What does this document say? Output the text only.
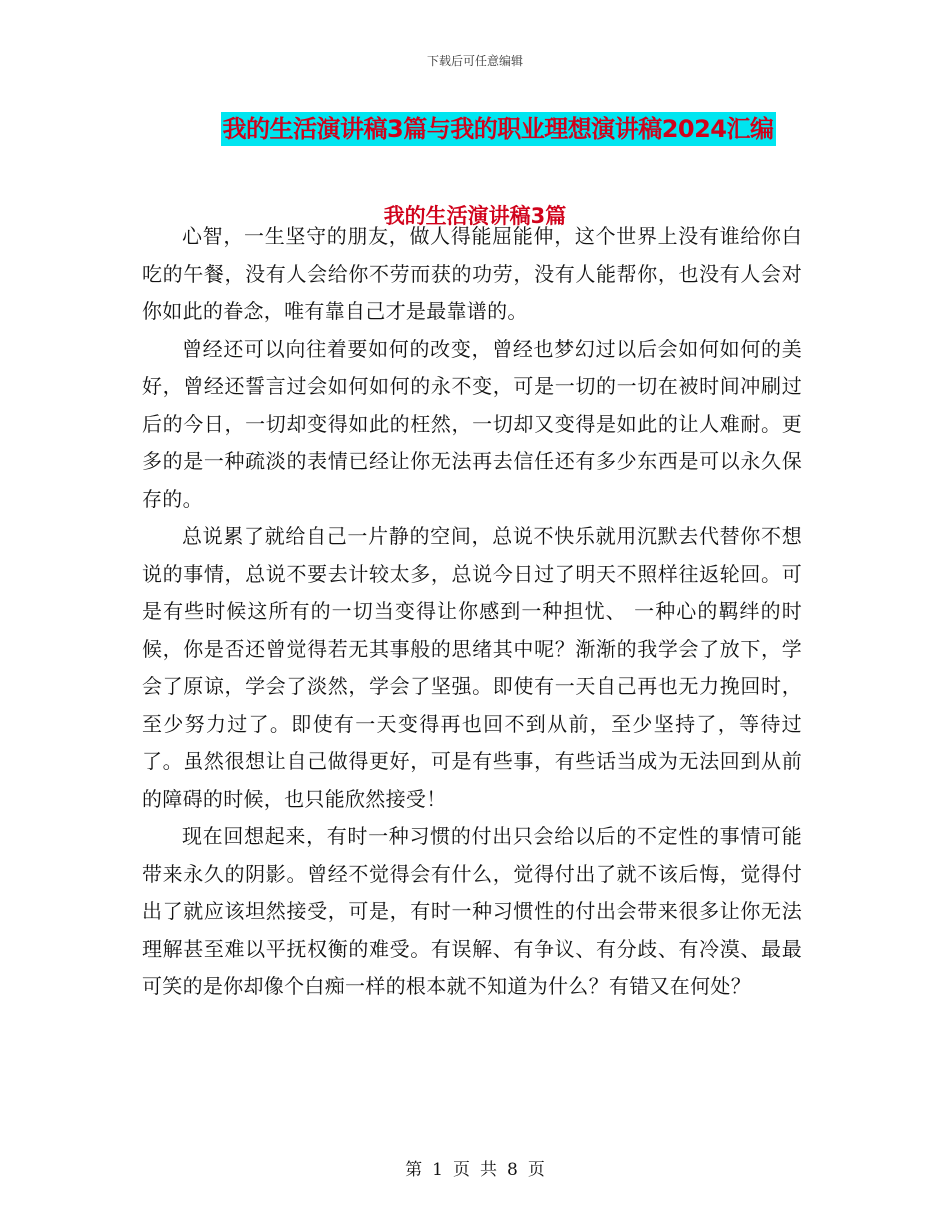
下载后可任意编辑
我的生活演讲稿3篇与我的职业理想演讲稿2024汇编
我的生活演讲稿3篇

心智，一生坚守的朋友，做人得能屈能伸，这个世界上没有谁给你白吃的午餐，没有人会给你不劳而获的功劳，没有人能帮你，也没有人会对你如此的眷念，唯有靠自己才是最靠谱的。

曾经还可以向往着要如何的改变，曾经也梦幻过以后会如何如何的美好，曾经还誓言过会如何如何的永不变，可是一切的一切在被时间冲刷过后的今日，一切却变得如此的枉然，一切却又变得是如此的让人难耐。更多的是一种疏淡的表情已经让你无法再去信任还有多少东西是可以永久保存的。

总说累了就给自己一片静的空间，总说不快乐就用沉默去代替你不想说的事情，总说不要去计较太多，总说今日过了明天不照样往返轮回。可是有些时候这所有的一切当变得让你感到一种担忧、 一种心的羁绊的时候，你是否还曾觉得若无其事般的思绪其中呢？渐渐的我学会了放下，学会了原谅，学会了淡然，学会了坚强。即使有一天自己再也无力挽回时，至少努力过了。即使有一天变得再也回不到从前，至少坚持了，等待过了。虽然很想让自己做得更好，可是有些事，有些话当成为无法回到从前的障碍的时候，也只能欣然接受！

现在回想起来，有时一种习惯的付出只会给以后的不定性的事情可能带来永久的阴影。曾经不觉得会有什么，觉得付出了就不该后悔，觉得付出了就应该坦然接受，可是，有时一种习惯性的付出会带来很多让你无法理解甚至难以平抚权衡的难受。有误解、有争议、有分歧、有冷漠、最最可笑的是你却像个白痴一样的根本就不知道为什么？有错又在何处？

第 1 页 共 8 页
